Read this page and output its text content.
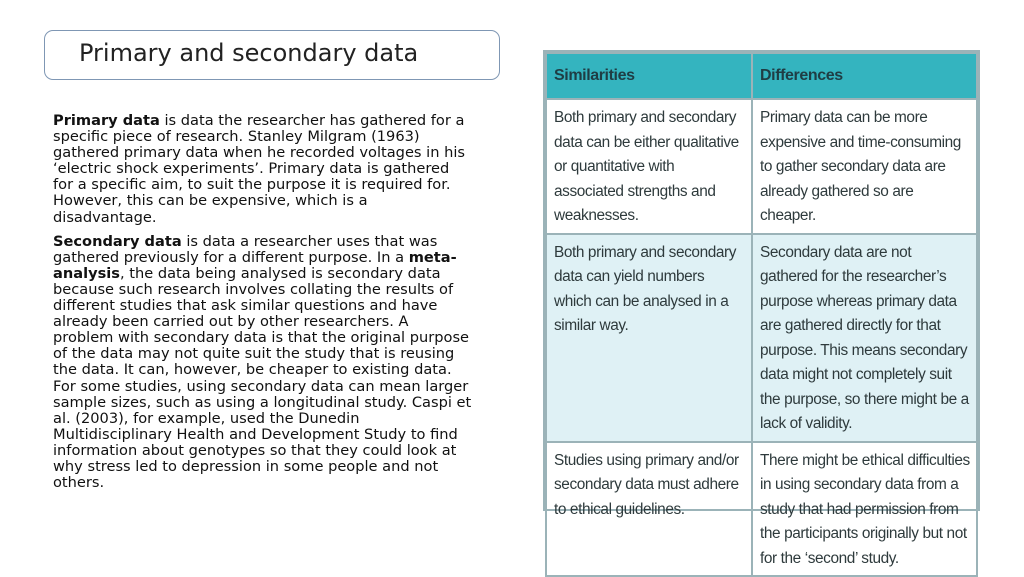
Primary and secondary data

Primary data is data the researcher has gathered for a specific piece of research. Stanley Milgram (1963) gathered primary data when he recorded voltages in his ‘electric shock experiments’. Primary data is gathered for a specific aim, to suit the purpose it is required for. However, this can be expensive, which is a disadvantage.

Secondary data is data a researcher uses that was gathered previously for a different purpose. In a meta-analysis, the data being analysed is secondary data because such research involves collating the results of different studies that ask similar questions and have already been carried out by other researchers. A problem with secondary data is that the original purpose of the data may not quite suit the study that is reusing the data. It can, however, be cheaper to existing data. For some studies, using secondary data can mean larger sample sizes, such as using a longitudinal study. Caspi et al. (2003), for example, used the Dunedin Multidisciplinary Health and Development Study to find information about genotypes so that they could look at why stress led to depression in some people and not others.

Similarities	Differences
Both primary and secondary data can be either qualitative or quantitative with associated strengths and weaknesses.	Primary data can be more expensive and time-consuming to gather secondary data are already gathered so are cheaper.
Both primary and secondary data can yield numbers which can be analysed in a similar way.	Secondary data are not gathered for the researcher’s purpose whereas primary data are gathered directly for that purpose. This means secondary data might not completely suit the purpose, so there might be a lack of validity.
Studies using primary and/or secondary data must adhere to ethical guidelines.	There might be ethical difficulties in using secondary data from a study that had permission from the participants originally but not for the ‘second’ study.
